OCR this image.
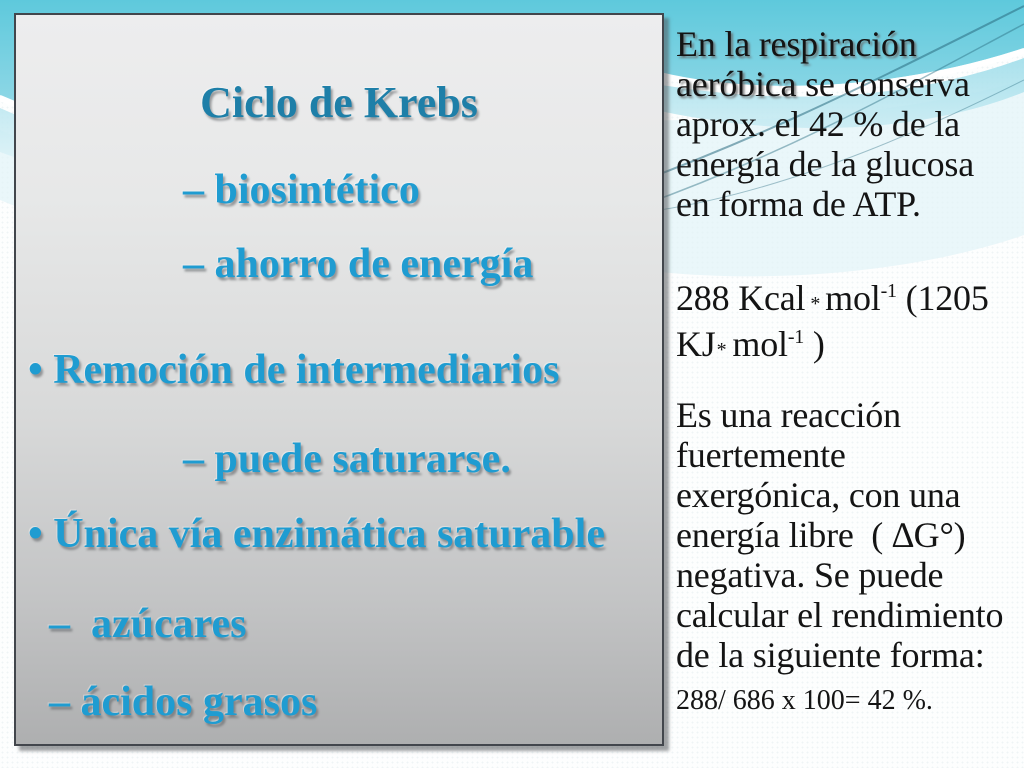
Ciclo de Krebs
– biosintético
– ahorro de energía
• Remoción de intermediarios
– puede saturarse.
• Única vía enzimática saturable
–  azúcares
– ácidos grasos
En la respiración
aeróbica se conserva
aprox. el 42 % de la
energía de la glucosa
en forma de ATP.
288 Kcal * mol$^{-1}$ (1205
KJ* mol$^{-1}$ )
Es una reacción
fuertemente
exergónica, con una
energía libre  ( ∆G°)
negativa. Se puede
calcular el rendimiento
de la siguiente forma:
288/ 686 x 100= 42 %.
